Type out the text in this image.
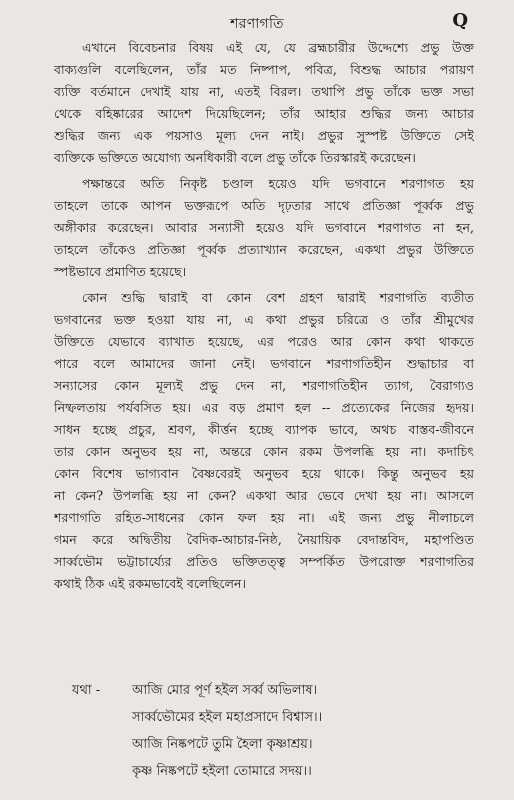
শরণাগতি	Q
এখানে বিবেচনার বিষয় এই যে, যে ব্রহ্মচারীর উদ্দেশ্যে প্রভু উক্ত
বাক্যগুলি বলেছিলেন, তাঁর মত নিষ্পাপ, পবিত্র, বিশুদ্ধ আচার পরায়ণ
ব্যক্তি বর্তমানে দেখাই যায় না, এতই বিরল। তথাপি প্রভু তাঁকে ভক্ত সভা
থেকে বহিষ্কারের আদেশ দিয়েছিলেন; তাঁর আহার শুদ্ধির জন্য আচার
শুদ্ধির জন্য এক পয়সাও মূল্য দেন নাই। প্রভুর সুস্পষ্ট উক্তিতে সেই
ব্যক্তিকে ভক্তিতে অযোগ্য অনধিকারী বলে প্রভু তাঁকে তিরস্কারই করেছেন।
পক্ষান্তরে অতি নিকৃষ্ট চণ্ডাল হয়েও যদি ভগবানে শরণাগত হয়
তাহলে তাকে আপন ভক্তরূপে অতি দৃঢ়তার সাথে প্রতিজ্ঞা পূর্ব্বক প্রভু
অঙ্গীকার করেছেন। আবার সন্যাসী হয়েও যদি ভগবানে শরণাগত না হন,
তাহলে তাঁকেও প্রতিজ্ঞা পূর্ব্বক প্রত্যাখ্যান করেছেন, একথা প্রভুর উক্তিতে
স্পষ্টভাবে প্রমাণিত হয়েছে।
কোন শুদ্ধি দ্বারাই বা কোন বেশ গ্রহণ দ্বারাই শরণাগতি ব্যতীত
ভগবানের ভক্ত হওয়া যায় না, এ কথা প্রভুর চরিত্রে ও তাঁর শ্রীমুখের
উক্তিতে যেভাবে ব্যাখাত হয়েছে, এর পরেও আর কোন কথা থাকতে
পারে বলে আমাদের জানা নেই। ভগবানে শরণাগতিহীন শুদ্ধাচার বা
সন্যাসের কোন মূল্যই প্রভু দেন না, শরণাগতিহীন ত্যাগ, বৈরাগ্যও
নিষ্ফলতায় পর্যবসিত হয়। এর বড় প্রমাণ হল -- প্রত্যেকের নিজের হৃদয়।
সাধন হচ্ছে প্রচুর, শ্রবণ, কীর্ত্তন হচ্ছে ব্যাপক ভাবে, অথচ বাস্তব-জীবনে
তার কোন অনুভব হয় না, অন্তরে কোন রকম উপলব্ধি হয় না। কদাচিৎ
কোন বিশেষ ভাগ্যবান বৈষ্ণবেরই অনুভব হয়ে থাকে। কিন্তু অনুভব হয়
না কেন? উপলব্ধি হয় না কেন? একথা আর ভেবে দেখা হয় না। আসলে
শরণাগতি রহিত-সাধনের কোন ফল হয় না। এই জন্য প্রভু নীলাচলে
গমন করে অদ্বিতীয় বৈদিক-আচার-নিষ্ঠ, নৈয়ায়িক বেদান্তবিদ, মহাপণ্ডিত
সার্ব্বভৌম ভট্টাচার্য্যের প্রতিও ভক্তিতত্ত্ব সম্পর্কিত উপরোক্ত শরণাগতির
কথাই ঠিক এই রকমভাবেই বলেছিলেন।
যথা -	আজি মোর পূর্ণ হইল সর্ব্ব অভিলাষ।
সার্ব্বভৌমের হইল মহাপ্রসাদে বিশ্বাস।।
আজি নিষ্কপটে তুমি হৈলা কৃষ্ণাশ্রয়।
কৃষ্ণ নিষ্কপটে হইলা তোমারে সদয়।।
